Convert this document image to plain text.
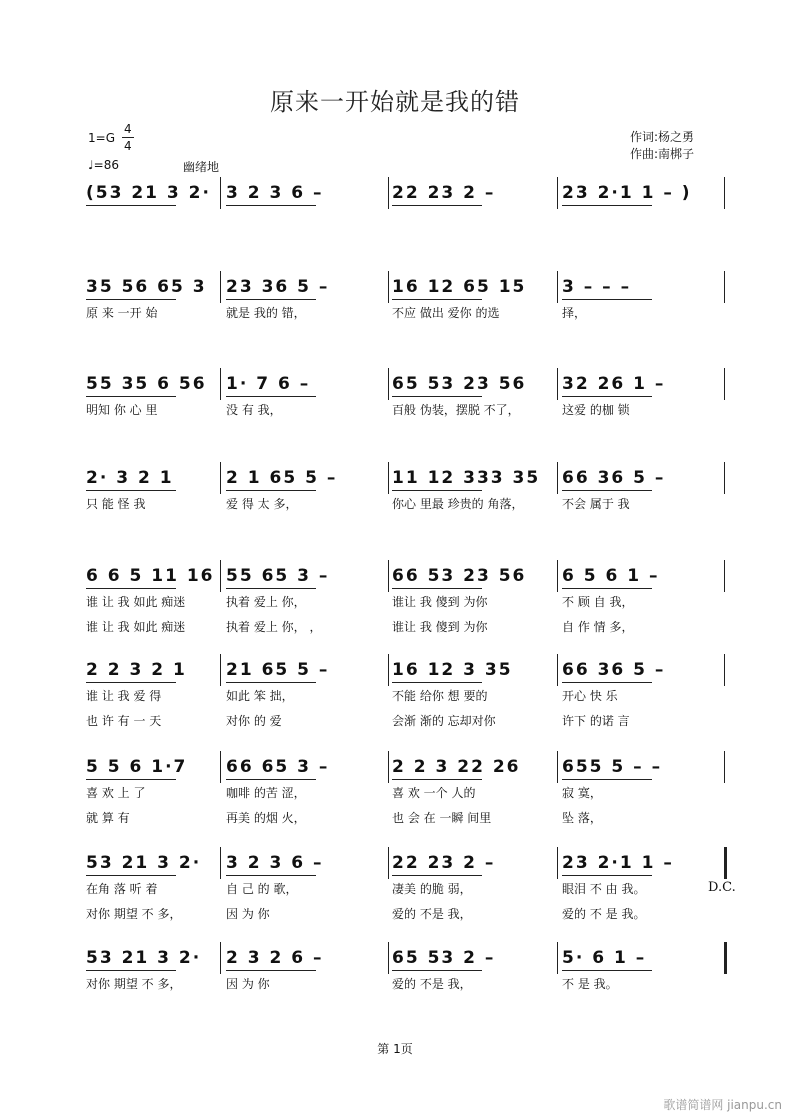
原来一开始就是我的错
1=G
4
4
♩=86	幽绪地
作词:杨之勇
作曲:南梆子
(53 21 3 2· 3 2 3 6 –	22 23 2 –	23 2·1 1 – )
35 56 65 3
原 来 一开 始
23 36 5 –
就是 我的 错，
16 12 65 15
不应 做出 爱你 的选
3 – – –
择，
55 35 6 56
明知 你 心 里
1· 7 6 –
没 有 我，
65 53 23 56
百般 伪装，摆脱 不了，
32 26 1 –
这爱 的枷 锁
2· 3 2 1
只 能 怪 我
2 1 65 5 –
爱 得 太 多，
11 12 333 35
你心 里最 珍贵的 角落，
66 36 5 –
不会 属于 我
6 6 5 11 16
谁 让 我 如此 痴迷
谁 让 我 如此 痴迷
55 65 3 –
执着 爱上 你，
执着 爱上 你， ，
66 53 23 56
谁让 我 傻到 为你
谁让 我 傻到 为你
6 5 6 1 –
不 顾 自 我，
自 作 情 多，
2 2 3 2 1
谁 让 我 爱 得
也 许 有 一 天
21 65 5 –
如此 笨 拙，
对你 的 爱
16 12 3 35
不能 给你 想 要的
会渐 渐的 忘却对你
66 36 5 –
开心 快 乐
许下 的诺 言
5 5 6 1·7
喜 欢 上 了
就 算 有
66 65 3 –
咖啡 的苦 涩，
再美 的烟 火，
2 2 3 22 26
喜 欢 一个 人的
也 会 在 一瞬 间里
655 5 – –
寂 寞，
坠 落，
53 21 3 2·
在角 落 听 着
对你 期望 不 多，
3 2 3 6 –
自 己 的 歌，
因 为 你
22 23 2 –
凄美 的脆 弱，
爱的 不是 我，
23 2·1 1 –
眼泪 不 由 我。
爱的 不 是 我。
53 21 3 2·
对你 期望 不 多，
2 3 2 6 –
因 为 你
65 53 2 –
爱的 不是 我，
5· 6 1 –
不 是 我。
D.C.
第 1页
歌谱简谱网 jianpu.cn
